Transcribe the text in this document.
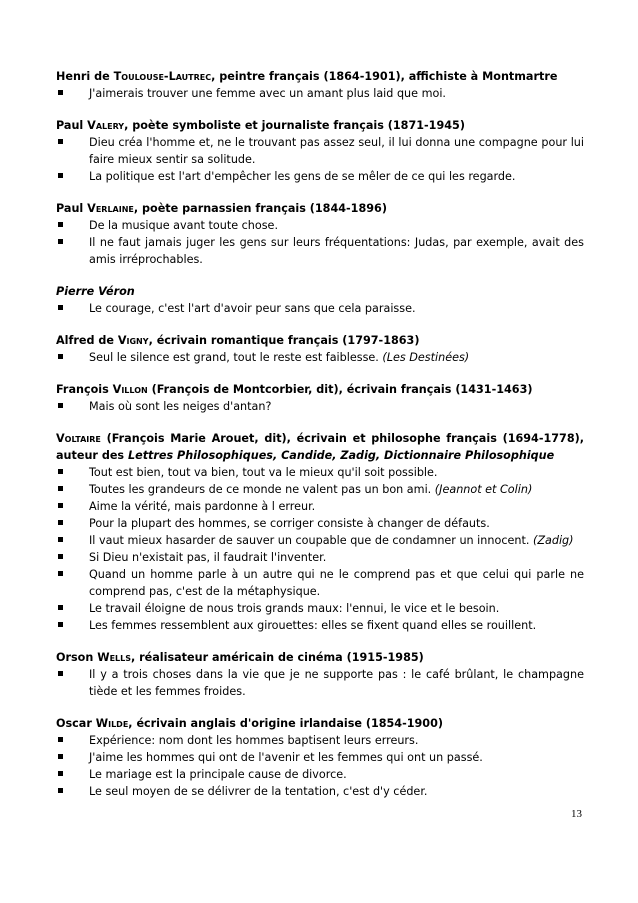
Henri de Toulouse-Lautrec, peintre français (1864-1901), affichiste à Montmartre

J'aimerais trouver une femme avec un amant plus laid que moi.

Paul Valery, poète symboliste et journaliste français (1871-1945)

Dieu créa l'homme et, ne le trouvant pas assez seul, il lui donna une compagne pour lui faire mieux sentir sa solitude.
La politique est l'art d'empêcher les gens de se mêler de ce qui les regarde.

Paul Verlaine, poète parnassien français (1844-1896)

De la musique avant toute chose.
Il ne faut jamais juger les gens sur leurs fréquentations: Judas, par exemple, avait des amis irréprochables.

Pierre Véron

Le courage, c'est l'art d'avoir peur sans que cela paraisse.

Alfred de Vigny, écrivain romantique français (1797-1863)

Seul le silence est grand, tout le reste est faiblesse. (Les Destinées)

François Villon (François de Montcorbier, dit), écrivain français (1431-1463)

Mais où sont les neiges d'antan?

Voltaire (François Marie Arouet, dit), écrivain et philosophe français (1694-1778), auteur des Lettres Philosophiques, Candide, Zadig, Dictionnaire Philosophique

Tout est bien, tout va bien, tout va le mieux qu'il soit possible.
Toutes les grandeurs de ce monde ne valent pas un bon ami. (Jeannot et Colin)
Aime la vérité, mais pardonne à l erreur.
Pour la plupart des hommes, se corriger consiste à changer de défauts.
Il vaut mieux hasarder de sauver un coupable que de condamner un innocent. (Zadig)
Si Dieu n'existait pas, il faudrait l'inventer.
Quand un homme parle à un autre qui ne le comprend pas et que celui qui parle ne comprend pas, c'est de la métaphysique.
Le travail éloigne de nous trois grands maux: l'ennui, le vice et le besoin.
Les femmes ressemblent aux girouettes: elles se fixent quand elles se rouillent.

Orson Wells, réalisateur américain de cinéma (1915-1985)

Il y a trois choses dans la vie que je ne supporte pas : le café brûlant, le champagne tiède et les femmes froides.

Oscar Wilde, écrivain anglais d'origine irlandaise (1854-1900)

Expérience: nom dont les hommes baptisent leurs erreurs.
J'aime les hommes qui ont de l'avenir et les femmes qui ont un passé.
Le mariage est la principale cause de divorce.
Le seul moyen de se délivrer de la tentation, c'est d'y céder.
13
